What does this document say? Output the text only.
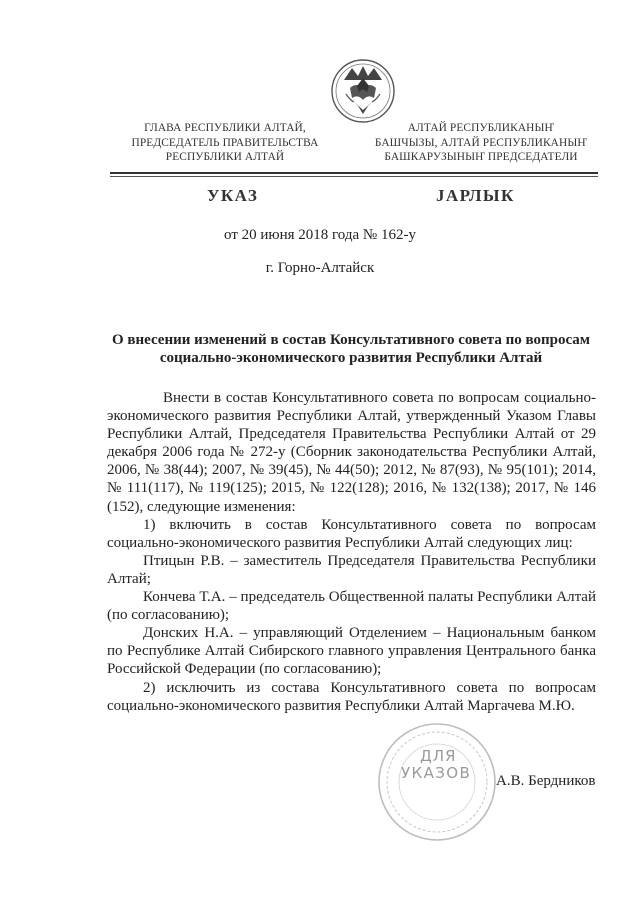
ГЛАВА РЕСПУБЛИКИ АЛТАЙ,
ПРЕДСЕДАТЕЛЬ ПРАВИТЕЛЬСТВА
РЕСПУБЛИКИ АЛТАЙ
АЛТАЙ РЕСПУБЛИКАНЫҤ
БАШЧЫЗЫ, АЛТАЙ РЕСПУБЛИКАНЫҤ
БАШКАРУЗЫНЫҤ ПРЕДСЕДАТЕЛИ
УКАЗ	JАРЛЫК
от 20 июня 2018 года № 162-у
г. Горно-Алтайск
О внесении изменений в состав Консультативного совета по вопросам
социально-экономического развития Республики Алтай

Внести в состав Консультативного совета по вопросам социально-экономического развития Республики Алтай, утвержденный Указом Главы Республики Алтай, Председателя Правительства Республики Алтай от 29 декабря 2006 года № 272-у (Сборник законодательства Республики Алтай, 2006, № 38(44); 2007, № 39(45), № 44(50); 2012, № 87(93), № 95(101); 2014, № 111(117), № 119(125); 2015, № 122(128); 2016, № 132(138); 2017, № 146 (152), следующие изменения:

1) включить в состав Консультативного совета по вопросам социально-экономического развития Республики Алтай следующих лиц:

Птицын Р.В. – заместитель Председателя Правительства Республики Алтай;

Кончева Т.А. – председатель Общественной палаты Республики Алтай (по согласованию);

Донских Н.А. – управляющий Отделением – Национальным банком по Республике Алтай Сибирского главного управления Центрального банка Российской Федерации (по согласованию);

2) исключить из состава Консультативного совета по вопросам социально-экономического развития Республики Алтай Маргачева М.Ю.

ДЛЯ
УКАЗОВ А.В. Бердников
